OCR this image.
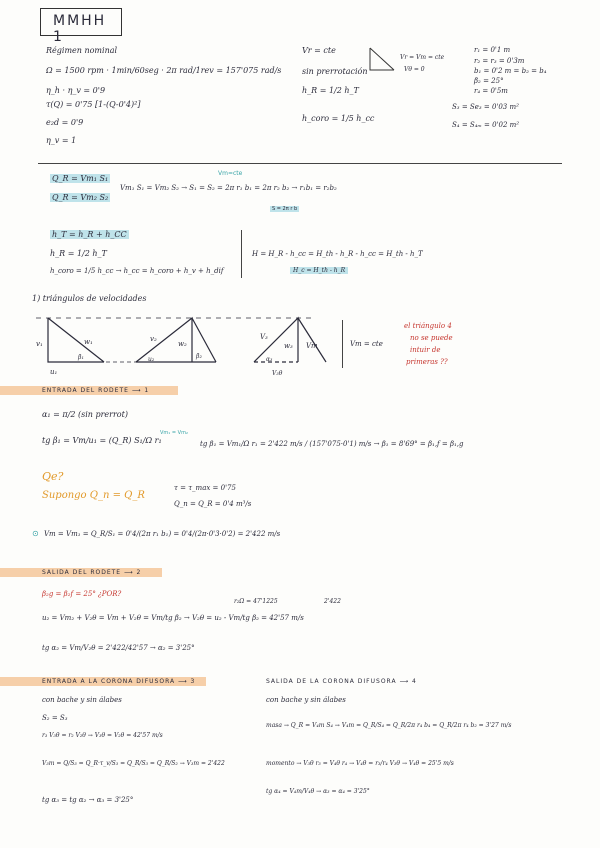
MMHH 1
Régimen nominal
Ω = 1500 rpm · 1min/60seg · 2π rad/1rev = 157'075 rad/s
η_h · η_v = 0'9
τ(Q) = 0'75 [1-(Q-0'4)²]
e₂d = 0'9
η_v = 1
Vr = cte
sin prerrotación
Vr = Vm = cte
Vθ = 0
h_R = 1/2 h_T
h_coro = 1/5 h_cc
r₁ = 0'1 m
r₂ = r₃ = 0'3m
b₁ = 0'2 m = b₂ = b₄
β̄₂ = 25°
r₄ = 0'5m
S₃ = Se₃ = 0'03 m²
S₄ = S₄ₘ = 0'02 m²
Q_R = Vm₁ S₁
Q_R = Vm₂ S₂
Vm=cte
Vm₁ S₁ = Vm₂ S₂ → S₁ = S₂ = 2π r₁ b₁ = 2π r₂ b₂ → r₁b₁ = r₂b₂
S = 2π r b
h_T = h_R + h_CC
h_R = 1/2 h_T
h_coro = 1/5 h_cc → h_cc = h_coro + h_v + h_dif
H = H_R - h_cc = H_th - h_R - h_cc = H_th - h_T
H_c = H_th - h_R
1) triángulos de velocidades
v₁	w₁
β₁
u₁
v₂
w₂
u₂	β₂
V₃
w₃
α₃
Vm
V₃θ
Vm = cte
el triángulo 4
no se puede
intuir de
primeras ??
ENTRADA DEL RODETE ⟶ 1
α₁ = π/2 (sin prerrot)
tg β₁ = Vm/u₁ = (Q_R) S₁/Ω r₁
Vm₁ = Vm₂
tg β₁ = Vm₁/Ω r₁ = 2'422 m/s / (157'075·0'1) m/s → β₁ = 8'69° = β₁,f = β₁,g
Qe?
Supongo Q_n = Q_R
τ = τ_max = 0'75
Q_n = Q_R = 0'4 m³/s
⊙ Vm = Vm₁ = Q_R/S₁ = 0'4/(2π r₁ b₁) = 0'4/(2π·0'3·0'2) = 2'422 m/s
SALIDA DEL RODETE ⟶ 2
β₂g = β₂f = 25° ¿POR?
r₂Ω = 47'1225	2'422
u₂ = Vm₂ + V₂θ = Vm + V₂θ = Vm/tg β₂ → V₂θ = u₂ - Vm/tg β₂ = 42'57 m/s
tg α₂ = Vm/V₂θ = 2'422/42'57 → α₂ = 3'25°
ENTRADA A LA CORONA DIFUSORA ⟶ 3
con bache y sin álabes
S₂ = S₃
r₃ V₃θ = r₂ V₂θ → V₃θ = V₂θ = 42'57 m/s
V₃m = Q/S₃ = Q_R·τ_v/S₃ = Q_R/S₃ = Q_R/S₂ → V₃m = 2'422
tg α₃ = tg α₂ → α₃ = 3'25°
SALIDA DE LA CORONA DIFUSORA ⟶ 4
con bache y sin álabes
masa → Q_R = V₄m S₄ → V₄m = Q_R/S₄ = Q_R/2π r₄ b₄ = Q_R/2π r₄ b₂ = 3'27 m/s
momento → V₃θ r₃ = V₄θ r₄ → V₄θ = r₃/r₄ V₃θ → V₄θ = 25'5 m/s
tg α₄ = V₄m/V₄θ → α₃ = α₄ = 3'25°
